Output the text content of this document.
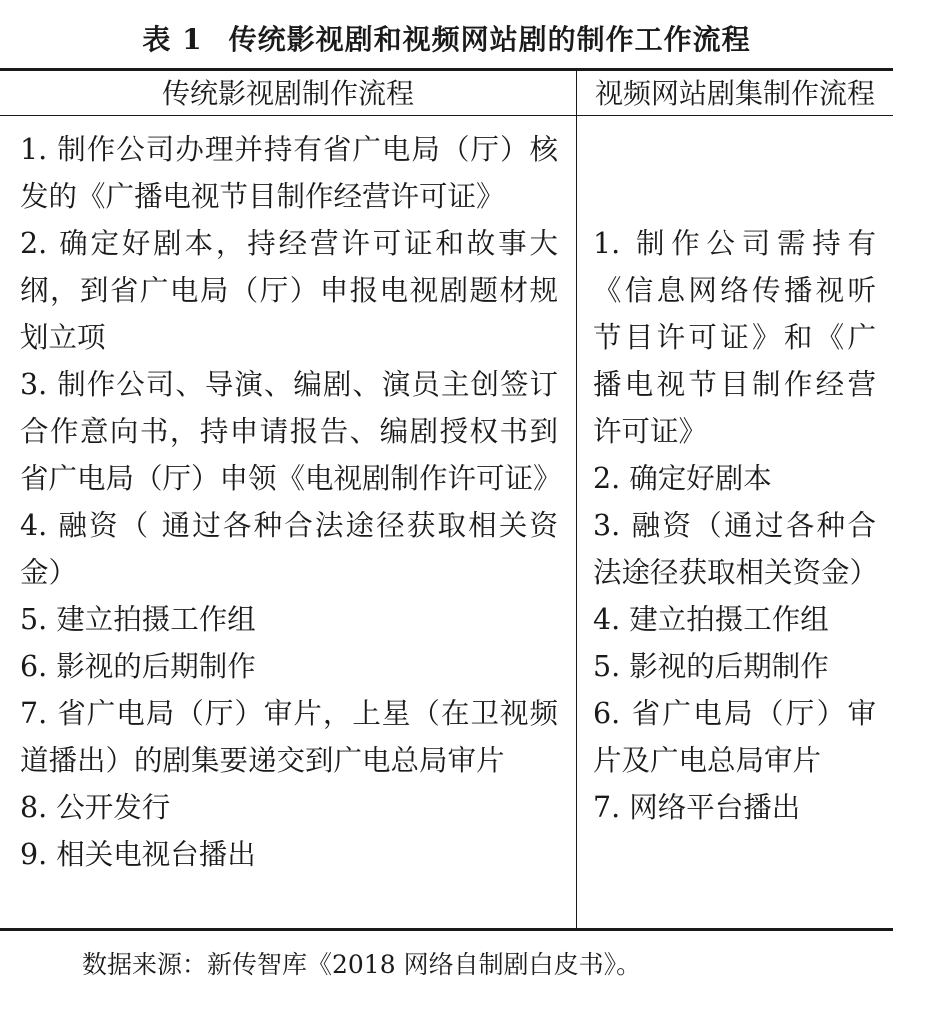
表 1 传统影视剧和视频网站剧的制作工作流程
传统影视剧制作流程	视频网站剧集制作流程
1. 制作公司办理并持有省广电局（厅）核发的《广播电视节目制作经营许可证》
2. 确定好剧本，持经营许可证和故事大纲，到省广电局（厅）申报电视剧题材规划立项
3. 制作公司、导演、编剧、演员主创签订合作意向书，持申请报告、编剧授权书到省广电局（厅）申领《电视剧制作许可证》
4. 融资（ 通过各种合法途径获取相关资金）
5. 建立拍摄工作组
6. 影视的后期制作
7. 省广电局（厅）审片，上星（在卫视频道播出）的剧集要递交到广电总局审片
8. 公开发行
9. 相关电视台播出
1. 制作公司需持有《信息网络传播视听节目许可证》和《广播电视节目制作经营许可证》
2. 确定好剧本
3. 融资（通过各种合法途径获取相关资金）
4. 建立拍摄工作组
5. 影视的后期制作
6. 省广电局（厅）审片及广电总局审片
7. 网络平台播出
数据来源：新传智库《2018 网络自制剧白皮书》。
